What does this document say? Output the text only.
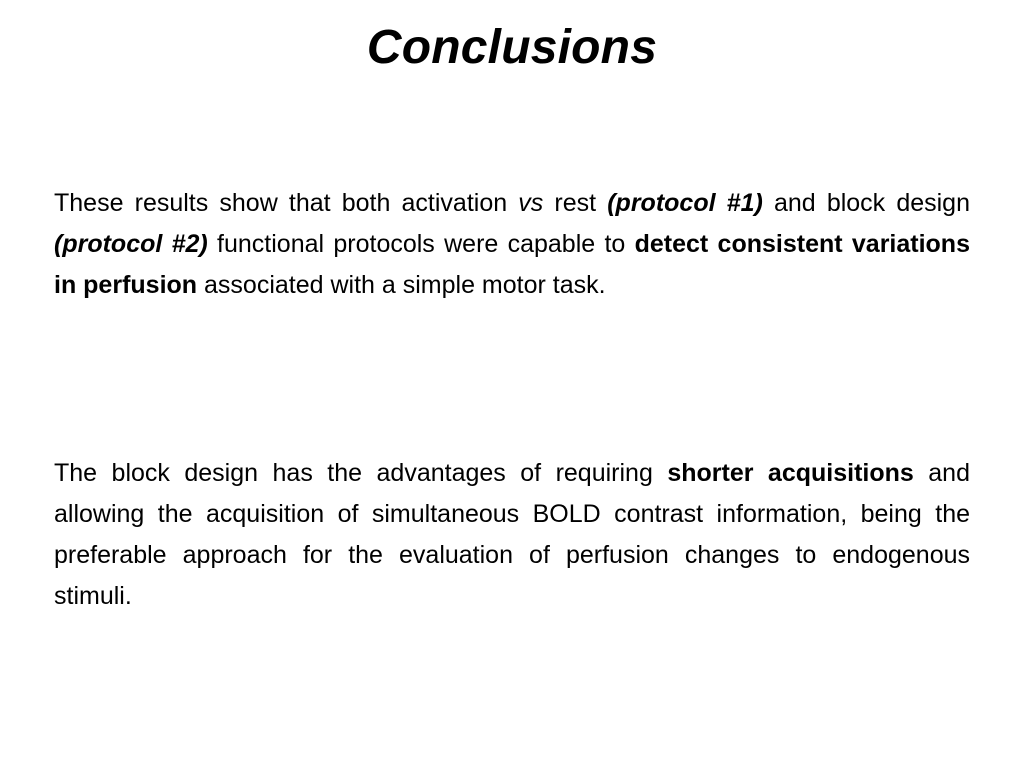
Conclusions

These results show that both activation vs rest (protocol #1) and block design (protocol #2) functional protocols were capable to detect consistent variations in perfusion associated with a simple motor task.

The block design has the advantages of requiring shorter acquisitions and allowing the acquisition of simultaneous BOLD contrast information, being the preferable approach for the evaluation of perfusion changes to endogenous stimuli.
